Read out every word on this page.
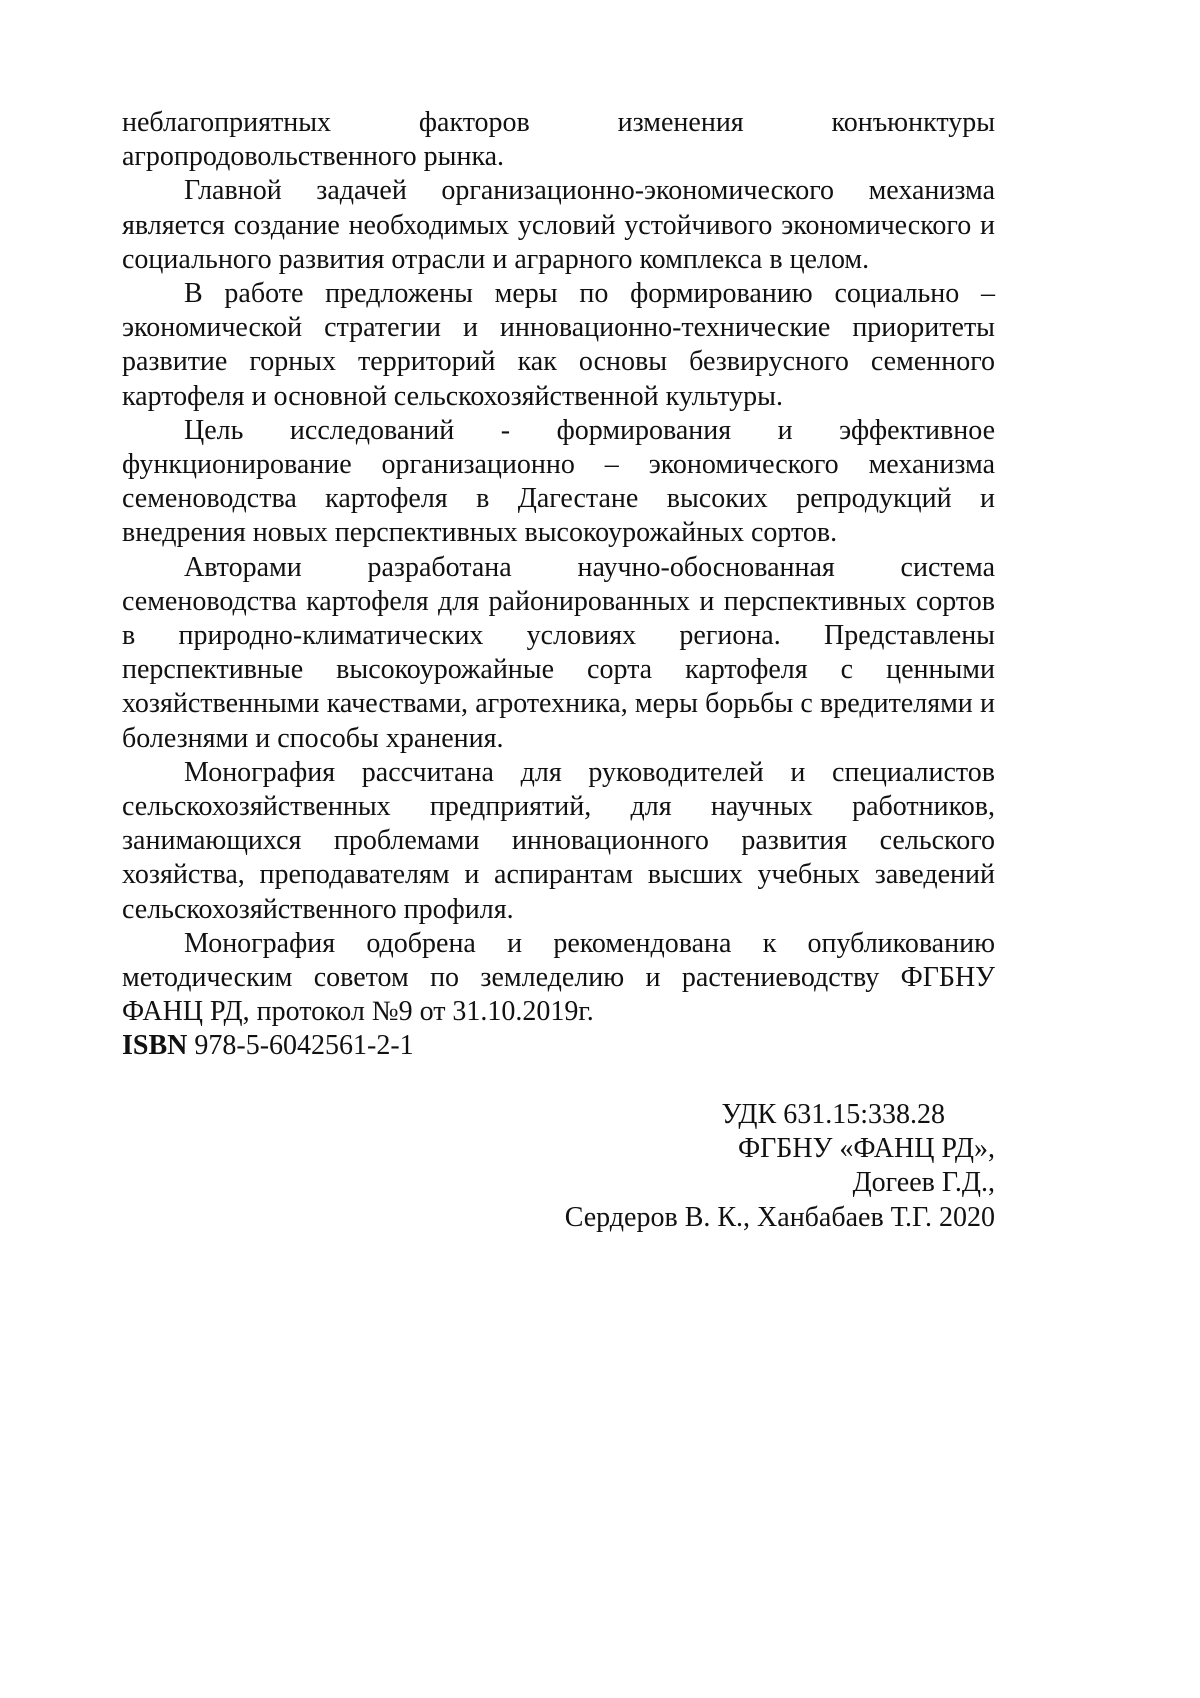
неблагоприятных факторов изменения конъюнктуры агропродовольственного рынка.

Главной задачей организационно-экономического механизма является создание необходимых условий устойчивого экономического и социального развития отрасли и аграрного комплекса в целом.

В работе предложены меры по формированию социально – экономической стратегии и инновационно-технические приоритеты развитие горных территорий как основы безвирусного семенного картофеля и основной сельскохозяйственной культуры.

Цель исследований - формирования и эффективное функционирование организационно – экономического механизма семеноводства картофеля в Дагестане высоких репродукций и внедрения новых перспективных высокоурожайных сортов.

Авторами разработана научно-обоснованная система семеноводства картофеля для районированных и перспективных сортов в природно-климатических условиях региона. Представлены перспективные высокоурожайные сорта картофеля с ценными хозяйственными качествами, агротехника, меры борьбы с вредителями и болезнями и способы хранения.

Монография рассчитана для руководителей и специалистов сельскохозяйственных предприятий, для научных работников, занимающихся проблемами инновационного развития сельского хозяйства, преподавателям и аспирантам высших учебных заведений сельскохозяйственного профиля.

Монография одобрена и рекомендована к опубликованию методическим советом по земледелию и растениеводству ФГБНУ ФАНЦ РД, протокол №9 от 31.10.2019г.

ISBN 978-5-6042561-2-1

УДК 631.15:338.28
ФГБНУ «ФАНЦ РД»,
Догеев Г.Д.,
Сердеров В. К., Ханбабаев Т.Г. 2020
